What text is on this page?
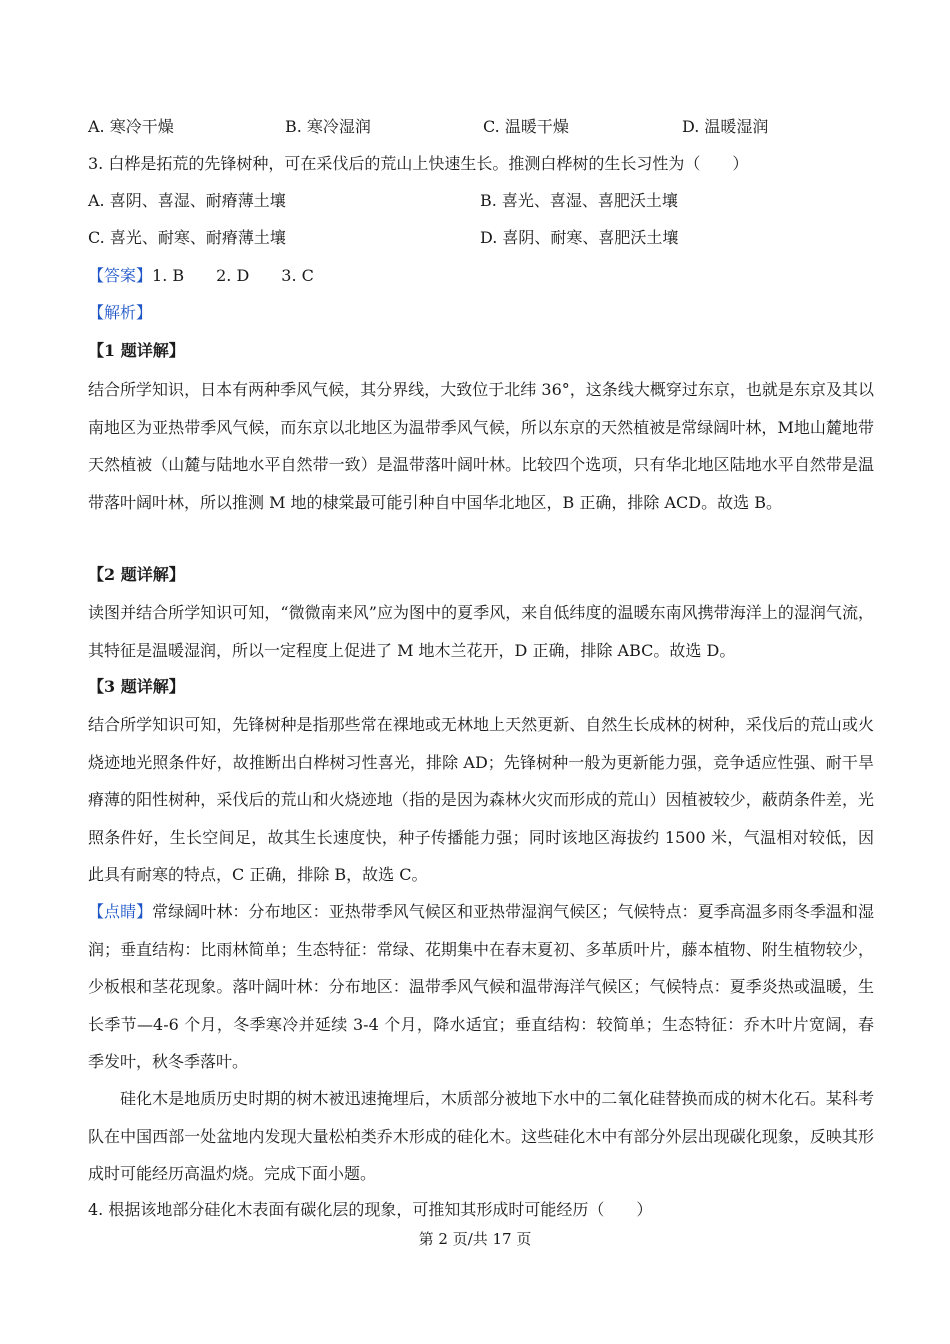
A. 寒冷干燥	B. 寒冷湿润	C. 温暖干燥	D. 温暖湿润
3. 白桦是拓荒的先锋树种，可在采伐后的荒山上快速生长。推测白桦树的生长习性为（　　）
A. 喜阴、喜湿、耐瘠薄土壤	B. 喜光、喜湿、喜肥沃土壤
C. 喜光、耐寒、耐瘠薄土壤	D. 喜阴、耐寒、喜肥沃土壤
【答案】1. B　　2. D　　3. C
【解析】
【1 题详解】
结合所学知识，日本有两种季风气候，其分界线，大致位于北纬 36°，这条线大概穿过东京，也就是东京及其以南地区为亚热带季风气候，而东京以北地区为温带季风气候，所以东京的天然植被是常绿阔叶林，M地山麓地带天然植被（山麓与陆地水平自然带一致）是温带落叶阔叶林。比较四个选项，只有华北地区陆地水平自然带是温带落叶阔叶林，所以推测 M 地的棣棠最可能引种自中国华北地区，B 正确，排除 ACD。故选 B。
【2 题详解】
读图并结合所学知识可知，“微微南来风”应为图中的夏季风，来自低纬度的温暖东南风携带海洋上的湿润气流，其特征是温暖湿润，所以一定程度上促进了 M 地木兰花开，D 正确，排除 ABC。故选 D。
【3 题详解】
结合所学知识可知，先锋树种是指那些常在裸地或无林地上天然更新、自然生长成林的树种，采伐后的荒山或火烧迹地光照条件好，故推断出白桦树习性喜光，排除 AD；先锋树种一般为更新能力强，竞争适应性强、耐干旱瘠薄的阳性树种，采伐后的荒山和火烧迹地（指的是因为森林火灾而形成的荒山）因植被较少，蔽荫条件差，光照条件好，生长空间足，故其生长速度快，种子传播能力强；同时该地区海拔约 1500 米，气温相对较低，因此具有耐寒的特点，C 正确，排除 B，故选 C。
【点睛】常绿阔叶林：分布地区：亚热带季风气候区和亚热带湿润气候区；气候特点：夏季高温多雨冬季温和湿润；垂直结构：比雨林简单；生态特征：常绿、花期集中在春末夏初、多革质叶片，藤本植物、附生植物较少，少板根和茎花现象。落叶阔叶林：分布地区：温带季风气候和温带海洋气候区；气候特点：夏季炎热或温暖，生长季节—4-6 个月，冬季寒冷并延续 3-4 个月，降水适宜；垂直结构：较简单；生态特征：乔木叶片宽阔，春季发叶，秋冬季落叶。
硅化木是地质历史时期的树木被迅速掩埋后，木质部分被地下水中的二氧化硅替换而成的树木化石。某科考队在中国西部一处盆地内发现大量松柏类乔木形成的硅化木。这些硅化木中有部分外层出现碳化现象，反映其形成时可能经历高温灼烧。完成下面小题。
4. 根据该地部分硅化木表面有碳化层的现象，可推知其形成时可能经历（　　）
第 2 页/共 17 页
